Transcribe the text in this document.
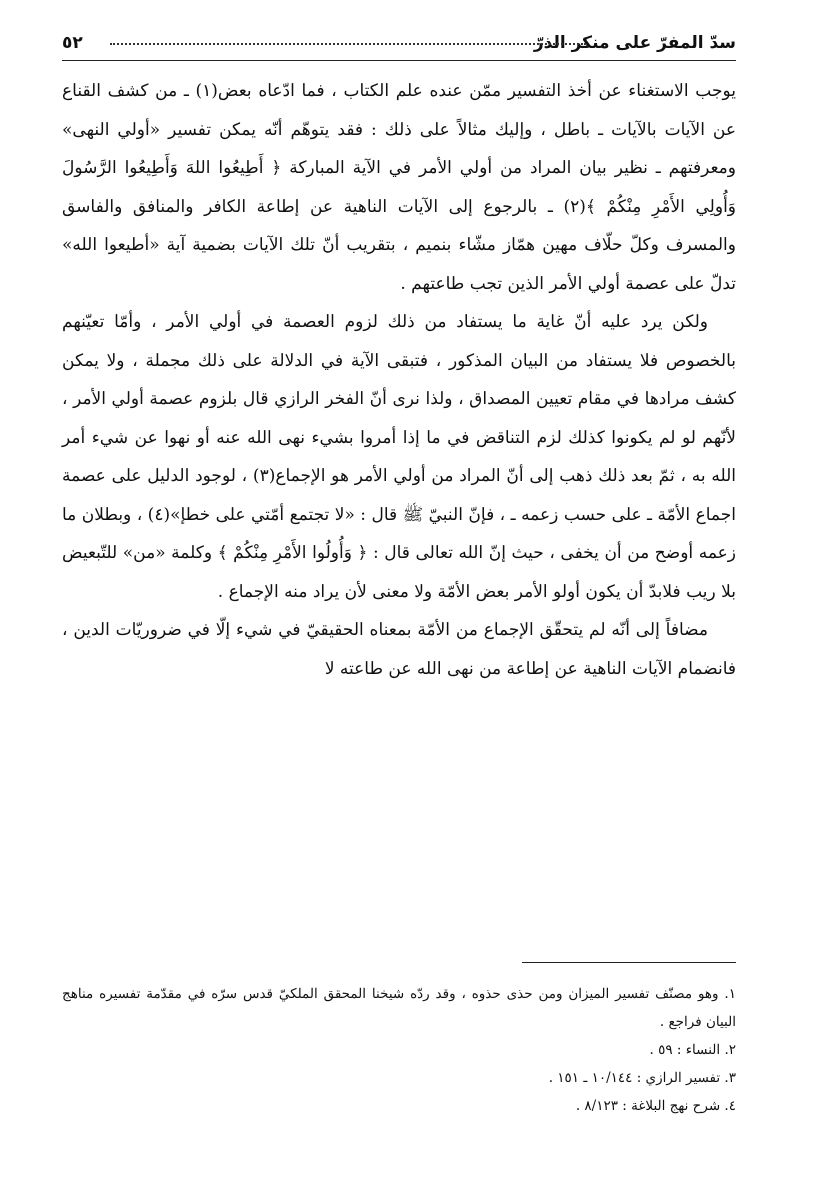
سدّ المفرّ على منكر الذرّ
٥٢

يوجب الاستغناء عن أخذ التفسير ممّن عنده علم الكتاب ، فما ادّعاه بعض(١) ـ من كشف القناع عن الآيات بالآيات ـ باطل ، وإليك مثالاً على ذلك : فقد يتوهّم أنّه يمكن تفسير «أولي النهى» ومعرفتهم ـ نظير بيان المراد من أولي الأمر في الآية المباركة ﴿ أَطِيعُوا اللهَ وَأَطِيعُوا الرَّسُولَ وَأُولِي الأَمْرِ مِنْكُمْ ﴾(٢) ـ بالرجوع إلى الآيات الناهية عن إطاعة الكافر والمنافق والفاسق والمسرف وكلّ حلّاف مهين همّاز مشّاء بنميم ، بتقريب أنّ تلك الآيات بضمية آية «أطيعوا الله» تدلّ على عصمة أولي الأمر الذين تجب طاعتهم .

ولكن يرد عليه أنّ غاية ما يستفاد من ذلك لزوم العصمة في أولي الأمر ، وأمّا تعيّنهم بالخصوص فلا يستفاد من البيان المذكور ، فتبقى الآية في الدلالة على ذلك مجملة ، ولا يمكن كشف مرادها في مقام تعيين المصداق ، ولذا نرى أنّ الفخر الرازي قال بلزوم عصمة أولي الأمر ، لأنّهم لو لم يكونوا كذلك لزم التناقض في ما إذا أمروا بشيء نهى الله عنه أو نهوا عن شيء أمر الله به ، ثمّ بعد ذلك ذهب إلى أنّ المراد من أولي الأمر هو الإجماع(٣) ، لوجود الدليل على عصمة اجماع الأمّة ـ على حسب زعمه ـ ، فإنّ النبيّ ﷺ قال : «لا تجتمع أمّتي على خطإ»(٤) ، وبطلان ما زعمه أوضح من أن يخفى ، حيث إنّ الله تعالى قال : ﴿ وَأُولُوا الأَمْرِ مِنْكُمْ ﴾ وكلمة «من» للتّبعيض بلا ريب فلابدّ أن يكون أولو الأمر بعض الأمّة ولا معنى لأن يراد منه الإجماع .

مضافاً إلى أنّه لم يتحقّق الإجماع من الأمّة بمعناه الحقيقيّ في شيء إلّا في ضروريّات الدين ، فانضمام الآيات الناهية عن إطاعة من نهى الله عن طاعته لا

١. وهو مصنّف تفسير الميزان ومن حذى حذوه ، وقد ردّه شيخنا المحقق الملكيّ قدس سرّه في مقدّمة تفسيره مناهج البيان فراجع .

٢. النساء : ٥٩ .

٣. تفسير الرازي : ١٠/١٤٤ ـ ١٥١ .

٤. شرح نهج البلاغة : ٨/١٢٣ .
